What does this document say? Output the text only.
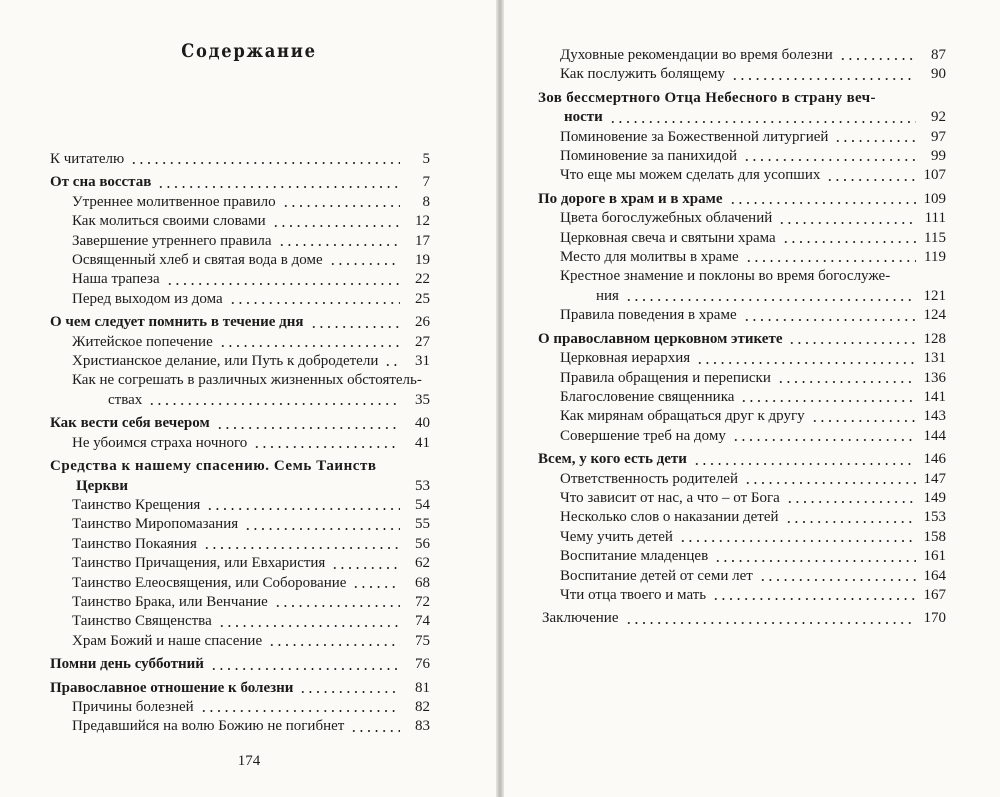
Содержание
К читателю	5
От сна восстав	7
Утреннее молитвенное правило	8
Как молиться своими словами	12
Завершение утреннего правила	17
Освященный хлеб и святая вода в доме	19
Наша трапеза	22
Перед выходом из дома	25
О чем следует помнить в течение дня	26
Житейское попечение	27
Христианское делание, или Путь к добродетели	31
Как не согрешать в различных жизненных обстоятель-
ствах	35
Как вести себя вечером	40
Не убоимся страха ночного	41
Средства к нашему спасению. Семь Таинств
Церкви	53
Таинство Крещения	54
Таинство Миропомазания	55
Таинство Покаяния	56
Таинство Причащения, или Евхаристия	62
Таинство Елеосвящения, или Соборование	68
Таинство Брака, или Венчание	72
Таинство Священства	74
Храм Божий и наше спасение	75
Помни день субботний	76
Православное отношение к болезни	81
Причины болезней	82
Предавшийся на волю Божию не погибнет	83
174
Духовные рекомендации во время болезни	87
Как послужить болящему	90
Зов бессмертного Отца Небесного в страну веч-
ности	92
Поминовение за Божественной литургией	97
Поминовение за панихидой	99
Что еще мы можем сделать для усопших	107
По дороге в храм и в храме	109
Цвета богослужебных облачений	111
Церковная свеча и святыни храма	115
Место для молитвы в храме	119
Крестное знамение и поклоны во время богослуже-
ния	121
Правила поведения в храме	124
О православном церковном этикете	128
Церковная иерархия	131
Правила обращения и переписки	136
Благословение священника	141
Как мирянам обращаться друг к другу	143
Совершение треб на дому	144
Всем, у кого есть дети	146
Ответственность родителей	147
Что зависит от нас, а что – от Бога	149
Несколько слов о наказании детей	153
Чему учить детей	158
Воспитание младенцев	161
Воспитание детей от семи лет	164
Чти отца твоего и мать	167
Заключение	170
